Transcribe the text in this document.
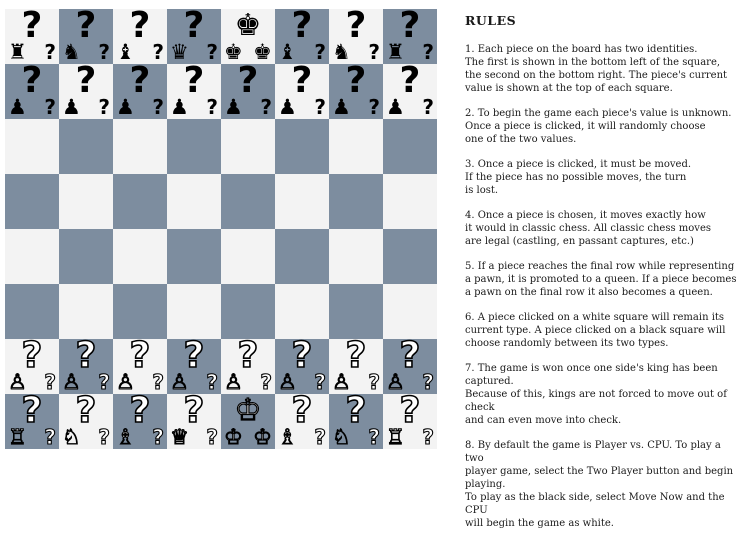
?
♜ ?
?
♞ ?
?
♝ ?
?
♛ ?
♚
♚ ♚
?
♝ ?
?
♞ ?
?
♜ ?
?
♟ ?
?
♟ ?
?
♟ ?
?
♟ ?
?
♟ ?
?
♟ ?
?
♟ ?
?
♟ ?
?
♙ ?
?
♙ ?
?
♙ ?
?
♙ ?
?
♙ ?
?
♙ ?
?
♙ ?
?
♙ ?
?
♖ ?
?
♘ ?
?
♗ ?
?
♕ ?
♔
♔ ♔
?
♗ ?
?
♘ ?
?
♖ ?
RULES
1. Each piece on the board has two identities.
The first is shown in the bottom left of the square,
the second on the bottom right. The piece's current
value is shown at the top of each square.
2. To begin the game each piece's value is unknown.
Once a piece is clicked, it will randomly choose
one of the two values.
3. Once a piece is clicked, it must be moved.
If the piece has no possible moves, the turn
is lost.
4. Once a piece is chosen, it moves exactly how
it would in classic chess. All classic chess moves
are legal (castling, en passant captures, etc.)
5. If a piece reaches the final row while representing
a pawn, it is promoted to a queen. If a piece becomes
a pawn on the final row it also becomes a queen.
6. A piece clicked on a white square will remain its
current type. A piece clicked on a black square will
choose randomly between its two types.
7. The game is won once one side's king has been captured.
Because of this, kings are not forced to move out of check
and can even move into check.
8. By default the game is Player vs. CPU. To play a two
player game, select the Two Player button and begin playing.
To play as the black side, select Move Now and the CPU
will begin the game as white.
